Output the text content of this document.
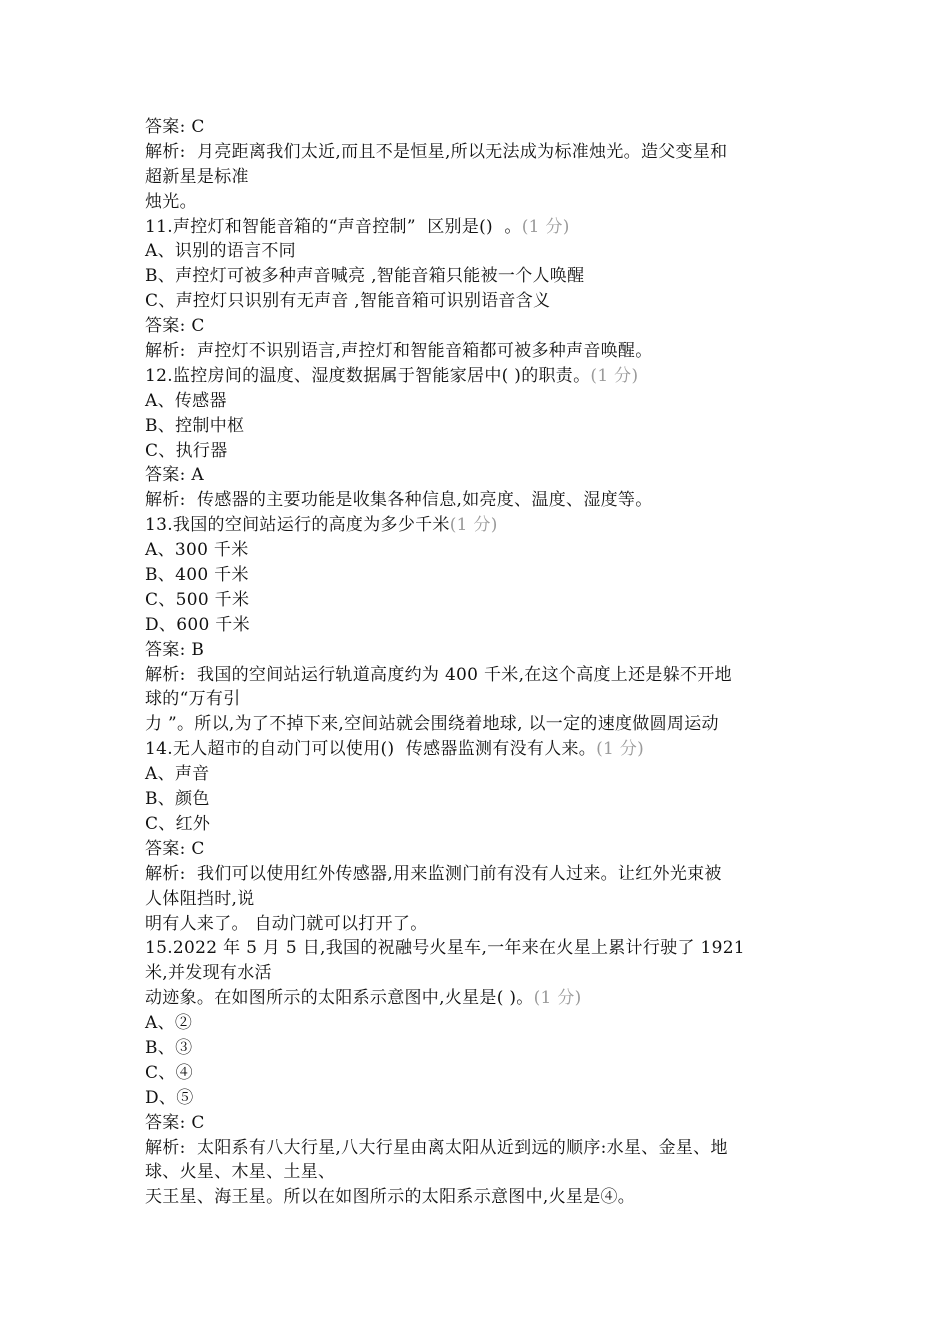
答案: C
解析:  月亮距离我们太近,而且不是恒星,所以无法成为标准烛光。造父变星和
超新星是标准
烛光。
11.声控灯和智能音箱的“声音控制”  区别是()  。(1 分)
A、识别的语言不同
B、声控灯可被多种声音喊亮 ,智能音箱只能被一个人唤醒
C、声控灯只识别有无声音 ,智能音箱可识别语音含义
答案: C
解析:  声控灯不识别语言,声控灯和智能音箱都可被多种声音唤醒。
12.监控房间的温度、湿度数据属于智能家居中( )的职责。(1 分)
A、传感器
B、控制中枢
C、执行器
答案: A
解析:  传感器的主要功能是收集各种信息,如亮度、温度、湿度等。
13.我国的空间站运行的高度为多少千米(1 分)
A、300 千米
B、400 千米
C、500 千米
D、600 千米
答案: B
解析:  我国的空间站运行轨道高度约为 400 千米,在这个高度上还是躲不开地
球的“万有引
力 ”。所以,为了不掉下来,空间站就会围绕着地球, 以一定的速度做圆周运动
14.无人超市的自动门可以使用()  传感器监测有没有人来。(1 分)
A、声音
B、颜色
C、红外
答案: C
解析:  我们可以使用红外传感器,用来监测门前有没有人过来。让红外光束被
人体阻挡时,说
明有人来了。 自动门就可以打开了。
15.2022 年 5 月 5 日,我国的祝融号火星车,一年来在火星上累计行驶了 1921
米,并发现有水活
动迹象。在如图所示的太阳系示意图中,火星是( )。(1 分)
A、②
B、③
C、④
D、⑤
答案: C
解析:  太阳系有八大行星,八大行星由离太阳从近到远的顺序:水星、金星、地
球、火星、木星、土星、
天王星、海王星。所以在如图所示的太阳系示意图中,火星是④。
